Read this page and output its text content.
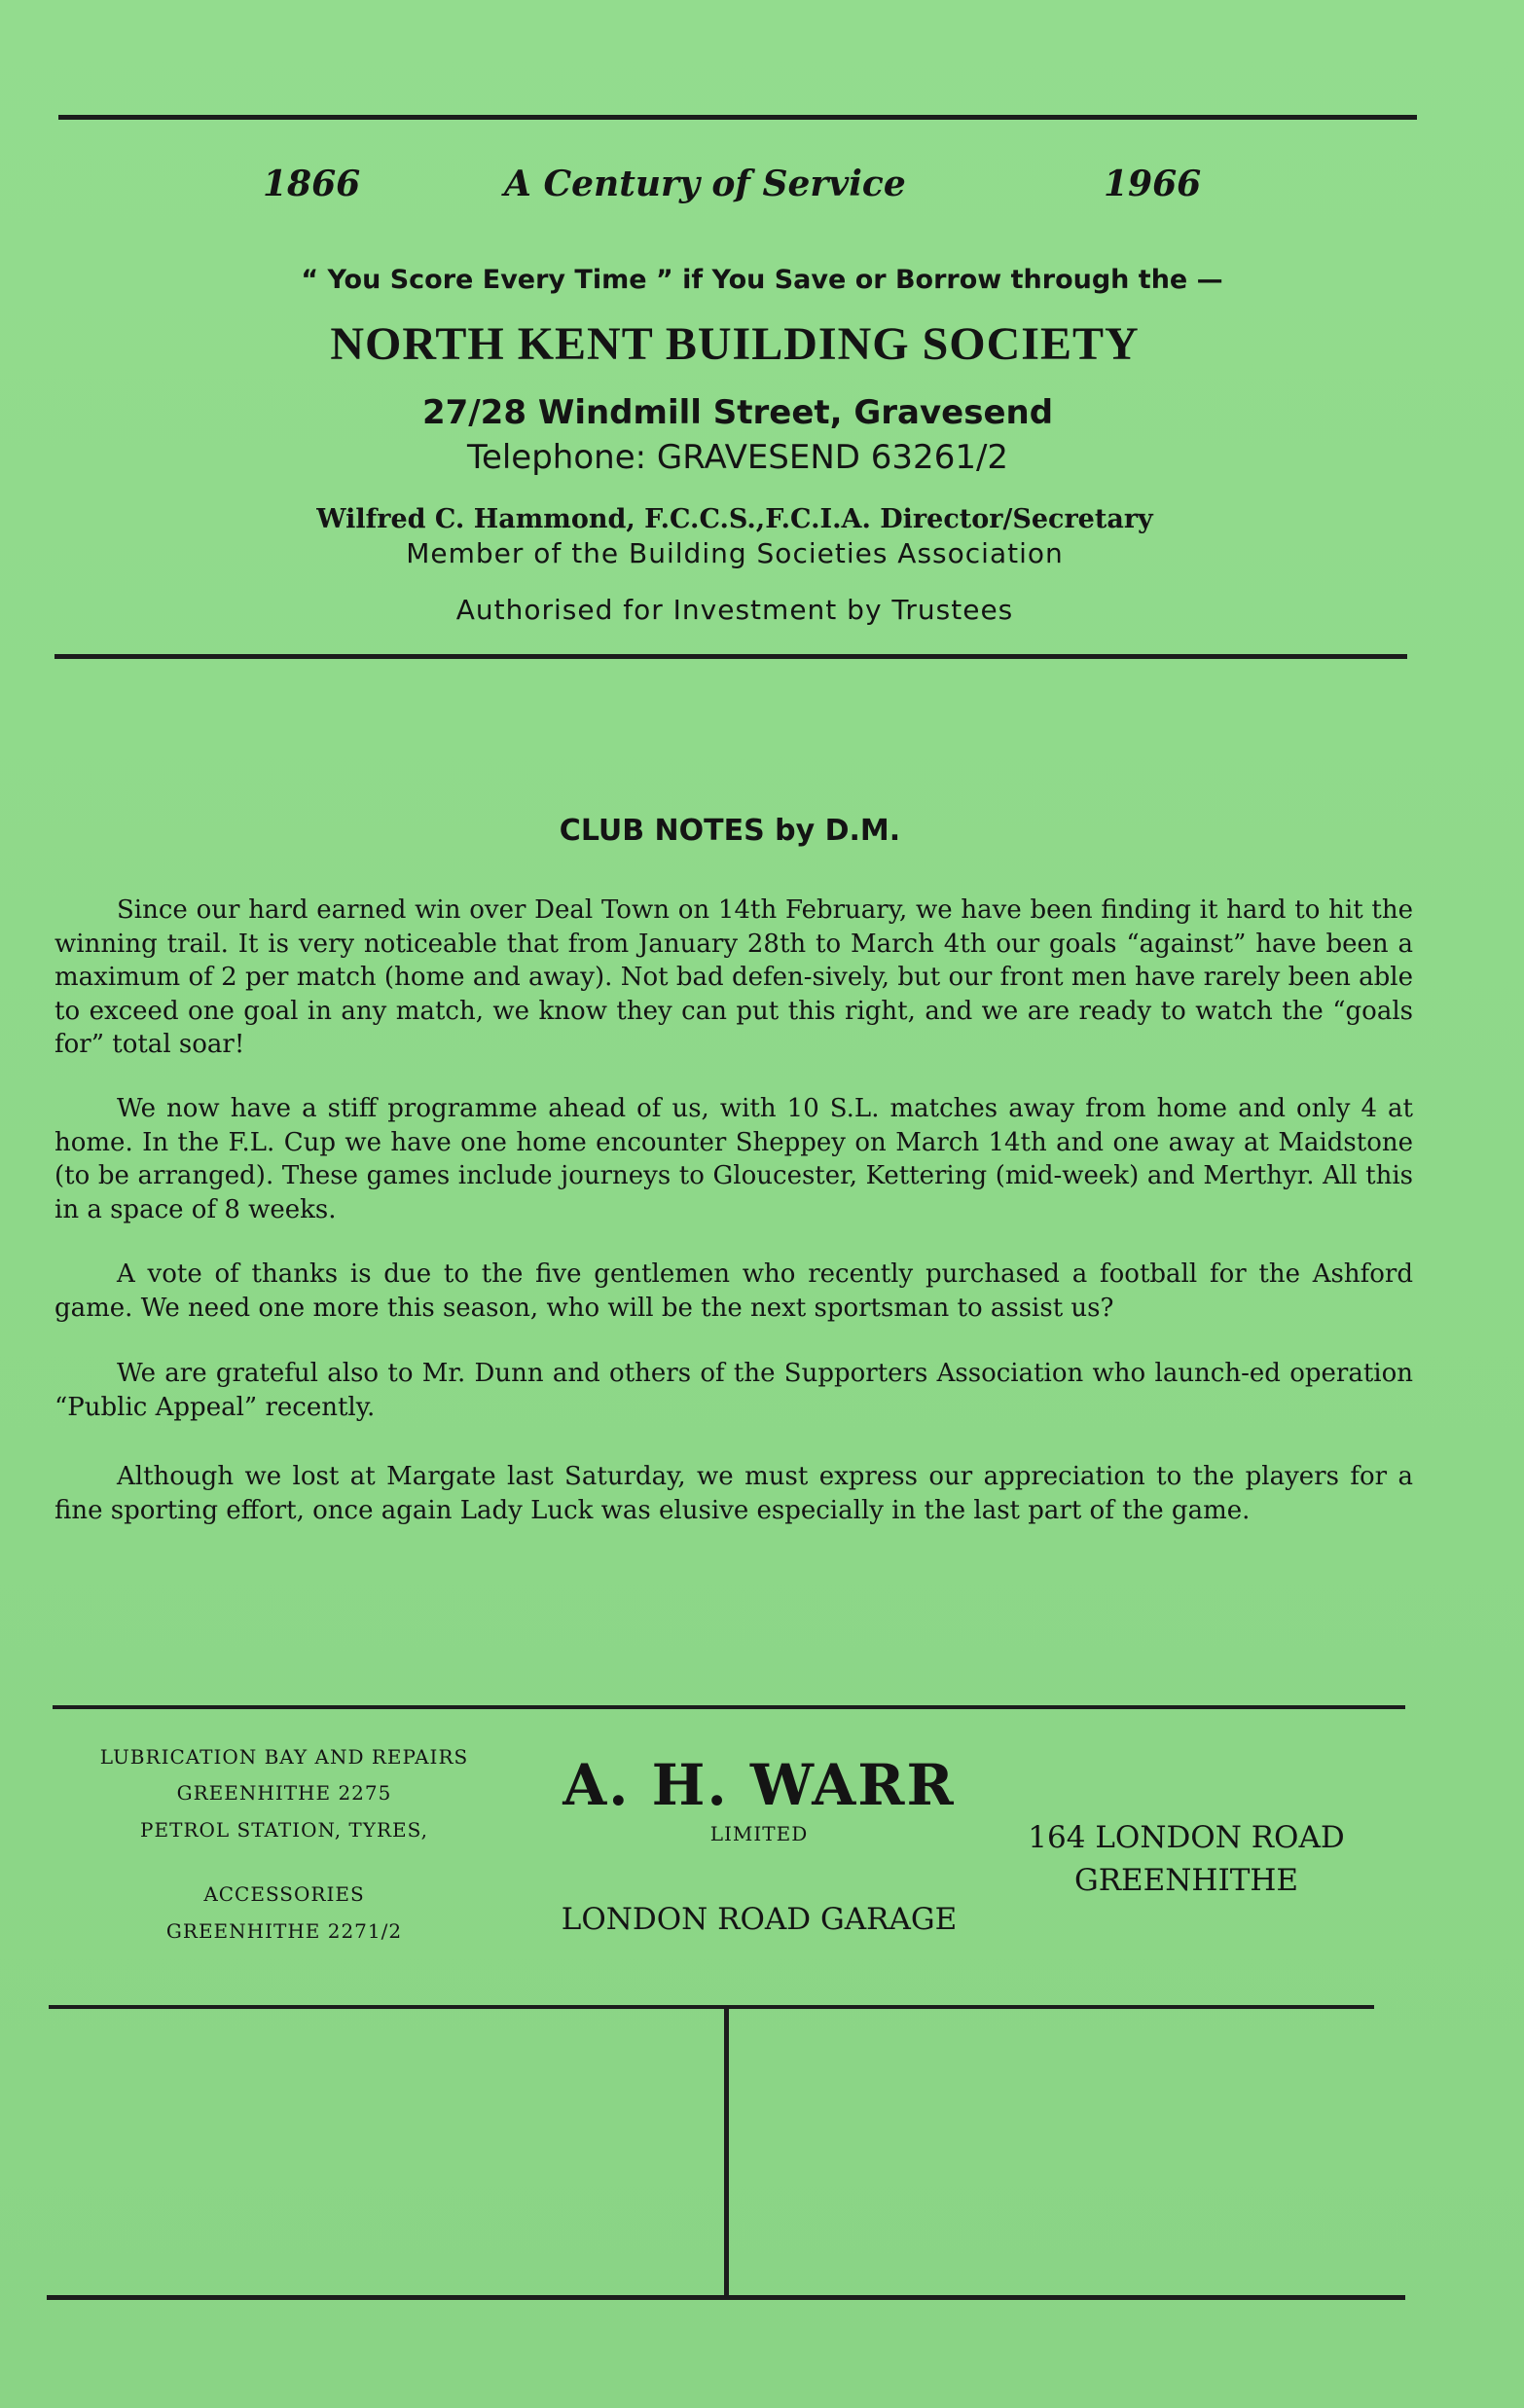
1866	A Century of Service	1966
“ You Score Every Time ” if You Save or Borrow through the —
NORTH KENT BUILDING SOCIETY
27/28 Windmill Street, Gravesend
Telephone: GRAVESEND 63261/2
Wilfred C. Hammond, F.C.C.S.,F.C.I.A. Director/Secretary
Member of the Building Societies Association
Authorised for Investment by Trustees
CLUB NOTES by D.M.
Since our hard earned win over Deal Town on 14th February, we have been finding it hard to hit the winning trail. It is very noticeable that from January 28th to March 4th our goals “against” have been a maximum of 2 per match (home and away). Not bad defen-sively, but our front men have rarely been able to exceed one goal in any match, we know they can put this right, and we are ready to watch the “goals for” total soar!
We now have a stiff programme ahead of us, with 10 S.L. matches away from home and only 4 at home. In the F.L. Cup we have one home encounter Sheppey on March 14th and one away at Maidstone (to be arranged). These games include journeys to Gloucester, Kettering (mid-week) and Merthyr. All this in a space of 8 weeks.
A vote of thanks is due to the five gentlemen who recently purchased a football for the Ashford game. We need one more this season, who will be the next sportsman to assist us?
We are grateful also to Mr. Dunn and others of the Supporters Association who launch-ed operation “Public Appeal” recently.
Although we lost at Margate last Saturday, we must express our appreciation to the players for a fine sporting effort, once again Lady Luck was elusive especially in the last part of the game.
LUBRICATION BAY AND REPAIRS
GREENHITHE 2275
PETROL STATION, TYRES,
ACCESSORIES
GREENHITHE 2271/2
A. H. WARR
LIMITED
LONDON ROAD GARAGE
164 LONDON ROAD
GREENHITHE
